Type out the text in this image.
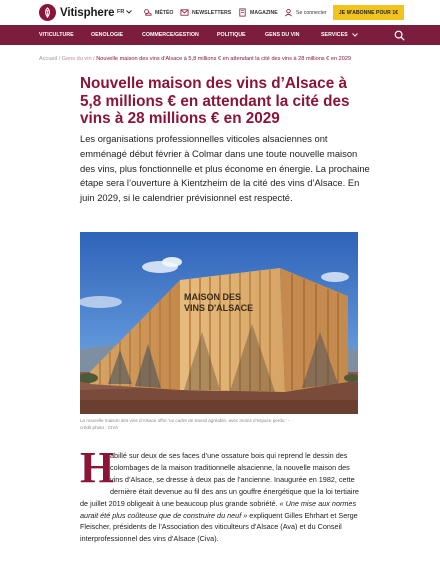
Vitisphere FR	MÉTÉO	NEWSLETTERS	MAGAZINE	Se connecter	JE M'ABONNE POUR 1€
VITICULTURE	OENOLOGIE	COMMERCE/GESTION	POLITIQUE	GENS DU VIN	SERVICES
Accueil / Gens du vin / Nouvelle maison des vins d'Alsace à 5,8 millions € en attendant la cité des vins à 28 millions € en 2029
Nouvelle maison des vins d’Alsace à 5,8 millions € en attendant la cité des vins à 28 millions € en 2029

Les organisations professionnelles viticoles alsaciennes ont emménagé début février à Colmar dans une toute nouvelle maison des vins, plus fonctionnelle et plus économe en énergie. La prochaine étape sera l’ouverture à Kientzheim de la cité des vins d’Alsace. En juin 2029, si le calendrier prévisionnel est respecté.

MAISON DES
VINS D'ALSACE
La nouvelle maison des vins d’Alsace offre ‘un cadre de travail agréable, avec moins d’espace perdu’. -
crédit photo : CIVA
H

abillé sur deux de ses faces d’une ossature bois qui reprend le dessin des colombages de la maison traditionnelle alsacienne, la nouvelle maison des vins d’Alsace, se dresse à deux pas de l’ancienne. Inaugurée en 1982, cette dernière était devenue au fil des ans un gouffre énergétique que la loi tertiaire de juillet 2019 obligeait à une beaucoup plus grande sobriété. « Une mise aux normes aurait été plus coûteuse que de construire du neuf » expliquent Gilles Ehrhart et Serge Fleischer, présidents de l’Association des viticulteurs d’Alsace (Ava) et du Conseil interprofessionnel des vins d’Alsace (Civa).
